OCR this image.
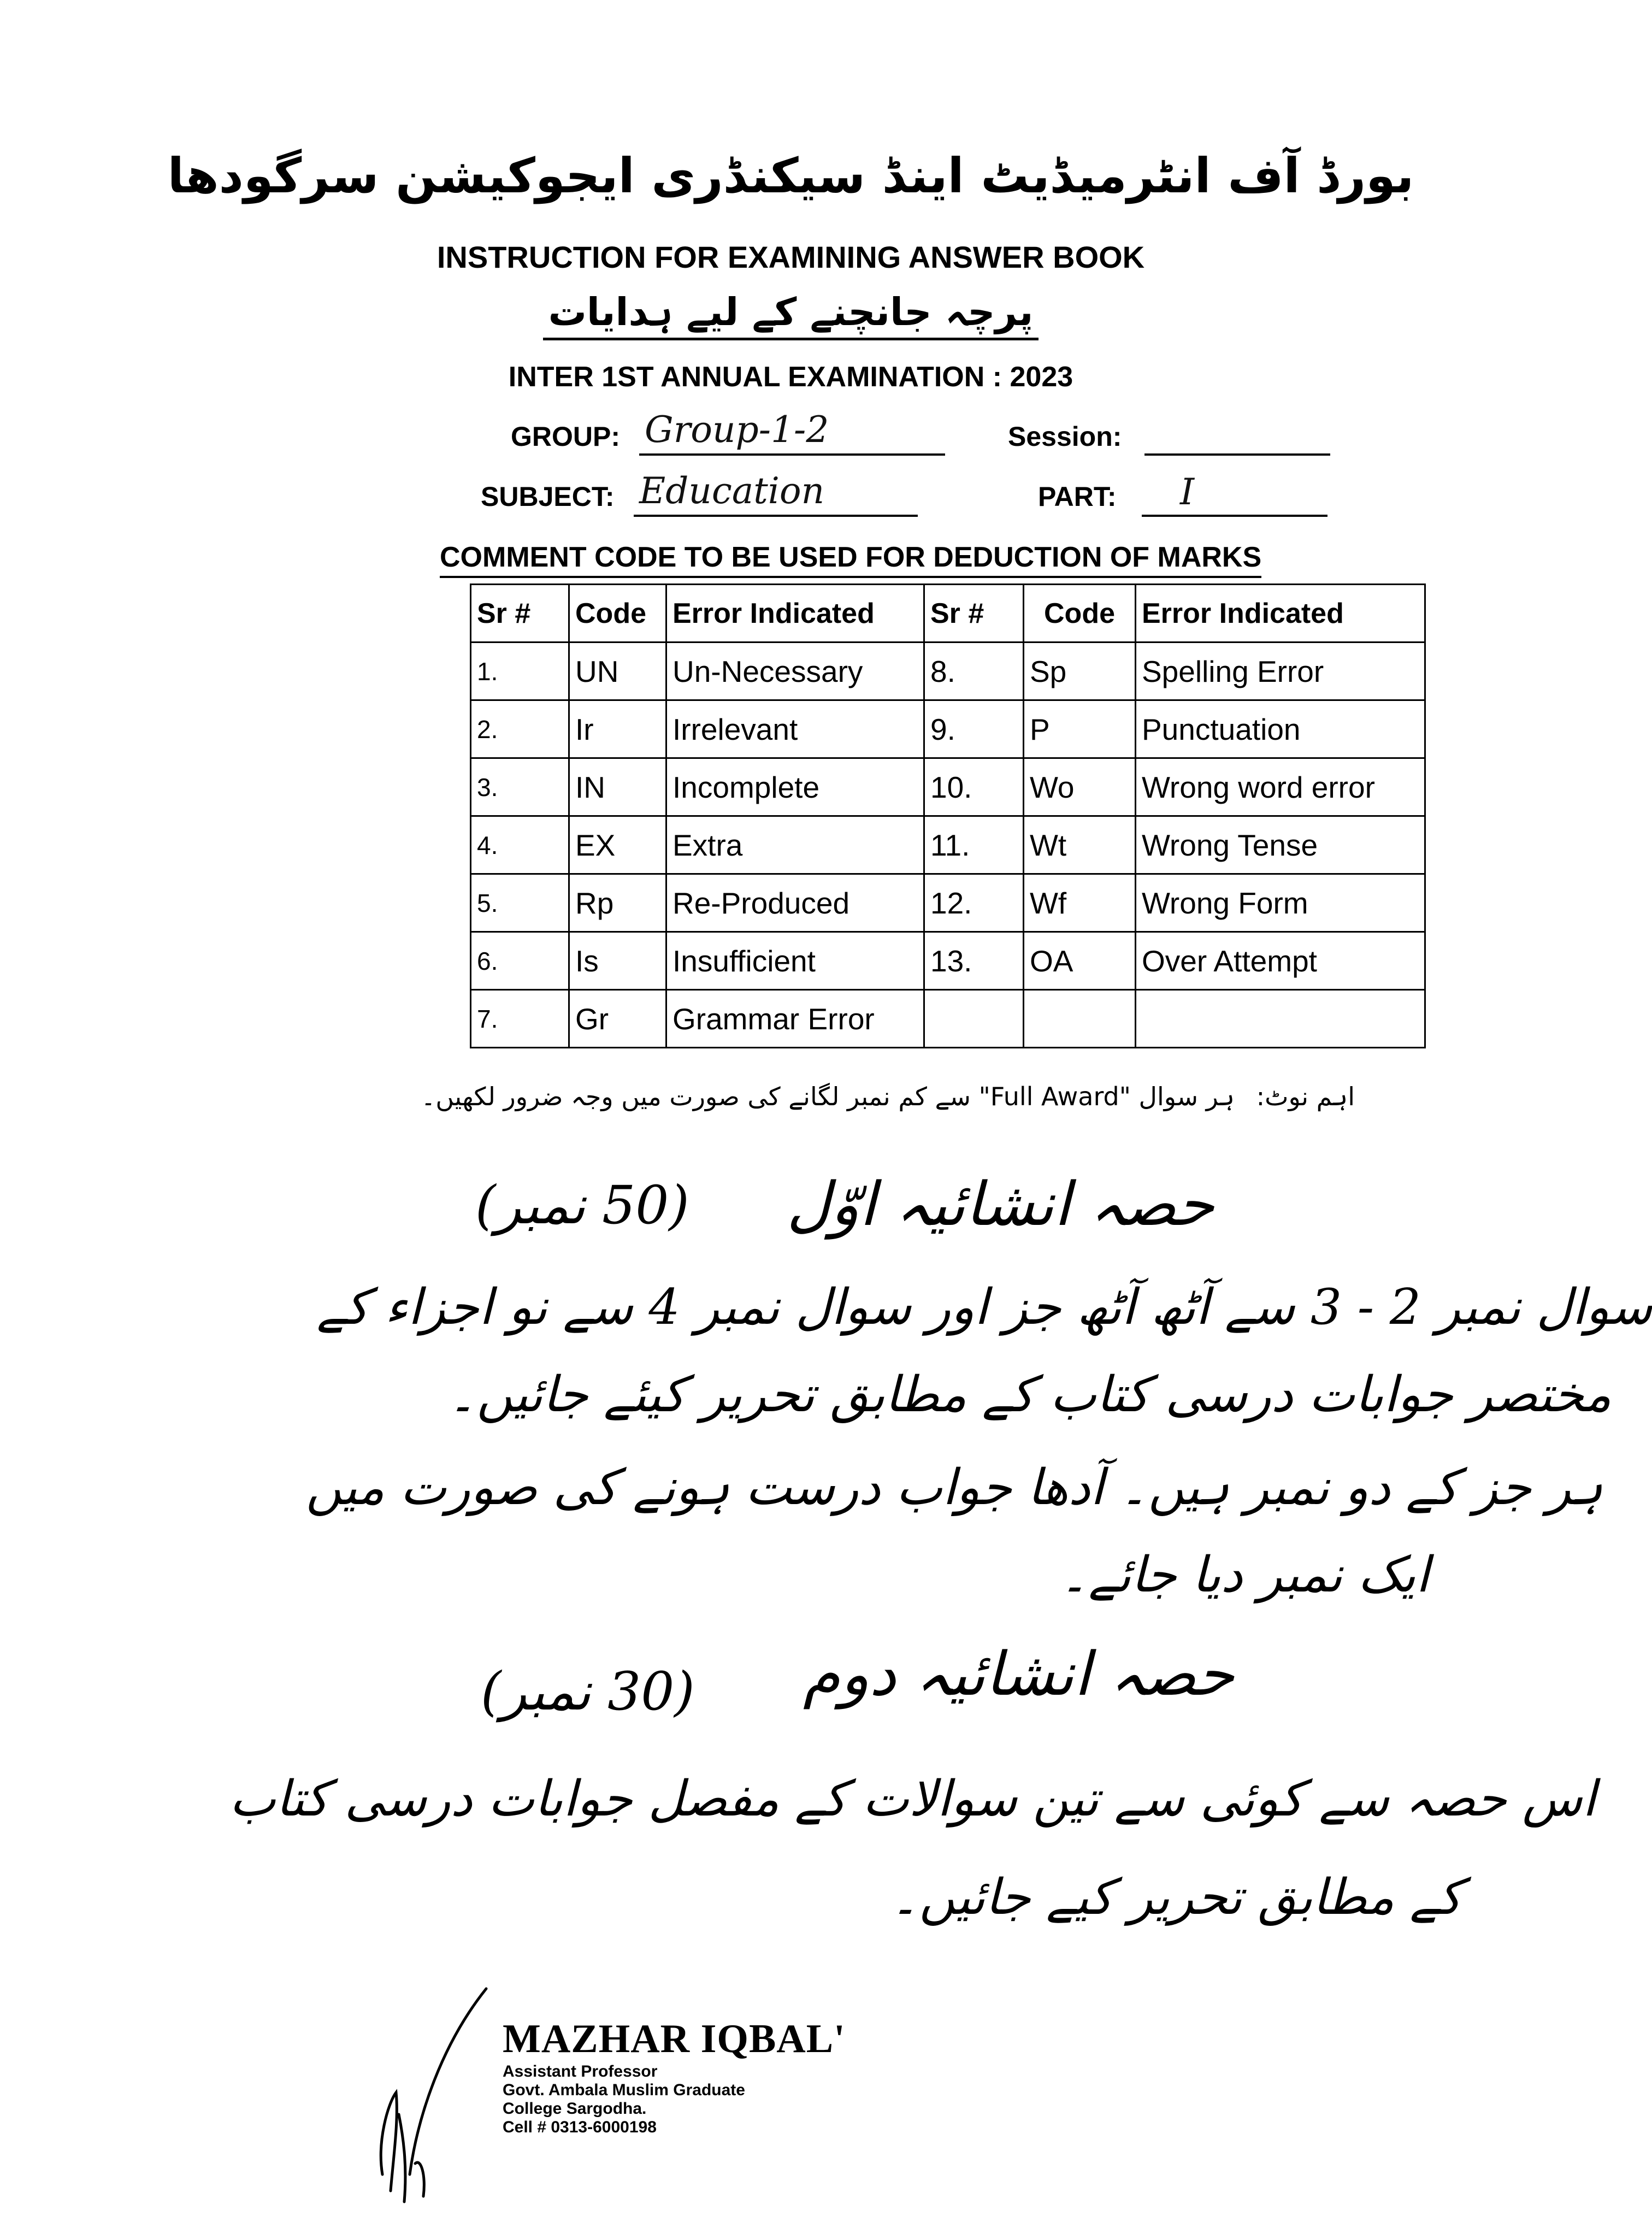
بورڈ آف انٹرمیڈیٹ اینڈ سیکنڈری ایجوکیشن سرگودھا
INSTRUCTION FOR EXAMINING ANSWER BOOK
پرچہ جانچنے کے لیے ہدایات
INTER 1ST ANNUAL EXAMINATION : 2023
GROUP: Group-1-2	Session:
SUBJECT: Education	PART: I
COMMENT CODE TO BE USED FOR DEDUCTION OF MARKS
Sr #	Code	Error Indicated	Sr #	Code	Error Indicated
1.	UN	Un-Necessary	8.	Sp	Spelling Error
2.	Ir	Irrelevant	9.	P	Punctuation
3.	IN	Incomplete	10.	Wo	Wrong word error
4.	EX	Extra	11.	Wt	Wrong Tense
5.	Rp	Re-Produced	12.	Wf	Wrong Form
6.	Is	Insufficient	13.	OA	Over Attempt
7.	Gr	Grammar Error			
اہم نوٹ:
ہر سوال "Full Award" سے کم نمبر لگانے کی صورت میں وجہ ضرور لکھیں۔
حصہ انشائیہ اوّل
(50 نمبر)
سوال نمبر 2 - 3 سے آٹھ آٹھ جز اور سوال نمبر 4 سے نو اجزاء کے
مختصر جوابات درسی کتاب کے مطابق تحریر کیئے جائیں۔
ہر جز کے دو نمبر ہیں۔ آدھا جواب درست ہونے کی صورت میں
ایک نمبر دیا جائے۔
حصہ انشائیہ دوم
(30 نمبر)
اس حصہ سے کوئی سے تین سوالات کے مفصل جوابات درسی کتاب
کے مطابق تحریر کیے جائیں۔
MAZHAR IQBAL'
Assistant Professor
Govt. Ambala Muslim Graduate
College Sargodha.
Cell # 0313-6000198
